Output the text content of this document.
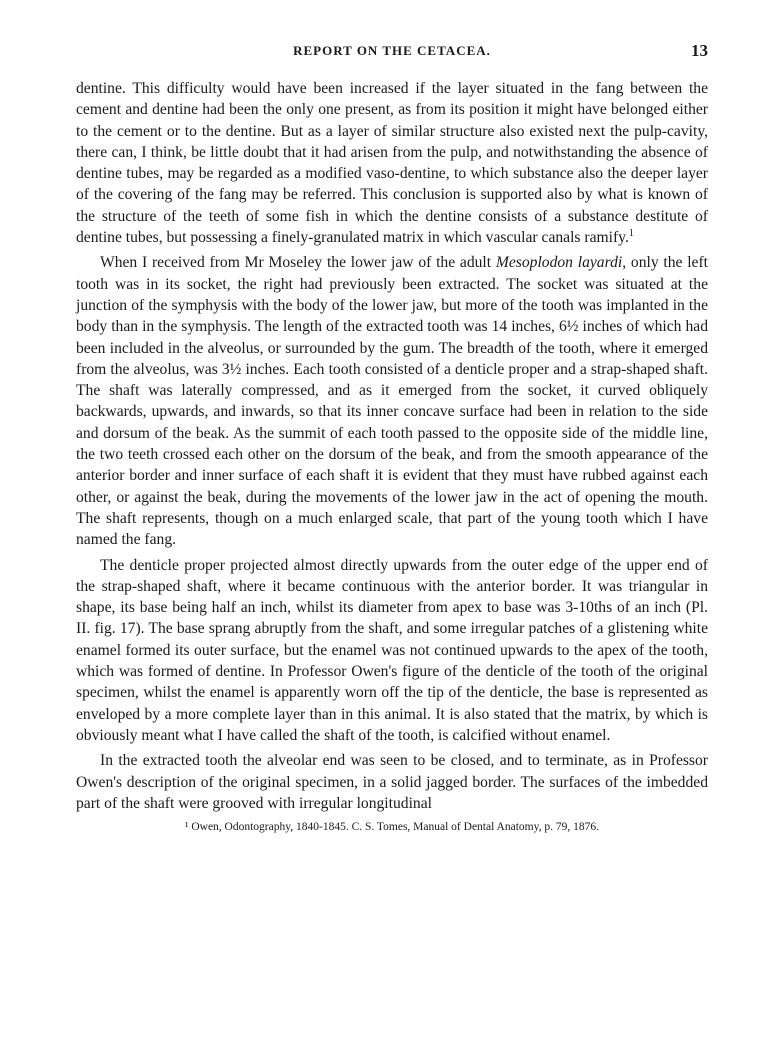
REPORT ON THE CETACEA.	13

dentine. This difficulty would have been increased if the layer situated in the fang between the cement and dentine had been the only one present, as from its position it might have belonged either to the cement or to the dentine. But as a layer of similar structure also existed next the pulp-cavity, there can, I think, be little doubt that it had arisen from the pulp, and notwithstanding the absence of dentine tubes, may be regarded as a modified vaso-dentine, to which substance also the deeper layer of the covering of the fang may be referred. This conclusion is supported also by what is known of the structure of the teeth of some fish in which the dentine consists of a substance destitute of dentine tubes, but possessing a finely-granulated matrix in which vascular canals ramify.$^1$

When I received from Mr Moseley the lower jaw of the adult Mesoplodon layardi, only the left tooth was in its socket, the right had previously been extracted. The socket was situated at the junction of the symphysis with the body of the lower jaw, but more of the tooth was implanted in the body than in the symphysis. The length of the extracted tooth was 14 inches, 6½ inches of which had been included in the alveolus, or surrounded by the gum. The breadth of the tooth, where it emerged from the alveolus, was 3½ inches. Each tooth consisted of a denticle proper and a strap-shaped shaft. The shaft was laterally compressed, and as it emerged from the socket, it curved obliquely backwards, upwards, and inwards, so that its inner concave surface had been in relation to the side and dorsum of the beak. As the summit of each tooth passed to the opposite side of the middle line, the two teeth crossed each other on the dorsum of the beak, and from the smooth appearance of the anterior border and inner surface of each shaft it is evident that they must have rubbed against each other, or against the beak, during the movements of the lower jaw in the act of opening the mouth. The shaft represents, though on a much enlarged scale, that part of the young tooth which I have named the fang.

The denticle proper projected almost directly upwards from the outer edge of the upper end of the strap-shaped shaft, where it became continuous with the anterior border. It was triangular in shape, its base being half an inch, whilst its diameter from apex to base was 3-10ths of an inch (Pl. II. fig. 17). The base sprang abruptly from the shaft, and some irregular patches of a glistening white enamel formed its outer surface, but the enamel was not continued upwards to the apex of the tooth, which was formed of dentine. In Professor Owen's figure of the denticle of the tooth of the original specimen, whilst the enamel is apparently worn off the tip of the denticle, the base is represented as enveloped by a more complete layer than in this animal. It is also stated that the matrix, by which is obviously meant what I have called the shaft of the tooth, is calcified without enamel.

In the extracted tooth the alveolar end was seen to be closed, and to terminate, as in Professor Owen's description of the original specimen, in a solid jagged border. The surfaces of the imbedded part of the shaft were grooved with irregular longitudinal

¹ Owen, Odontography, 1840-1845. C. S. Tomes, Manual of Dental Anatomy, p. 79, 1876.
